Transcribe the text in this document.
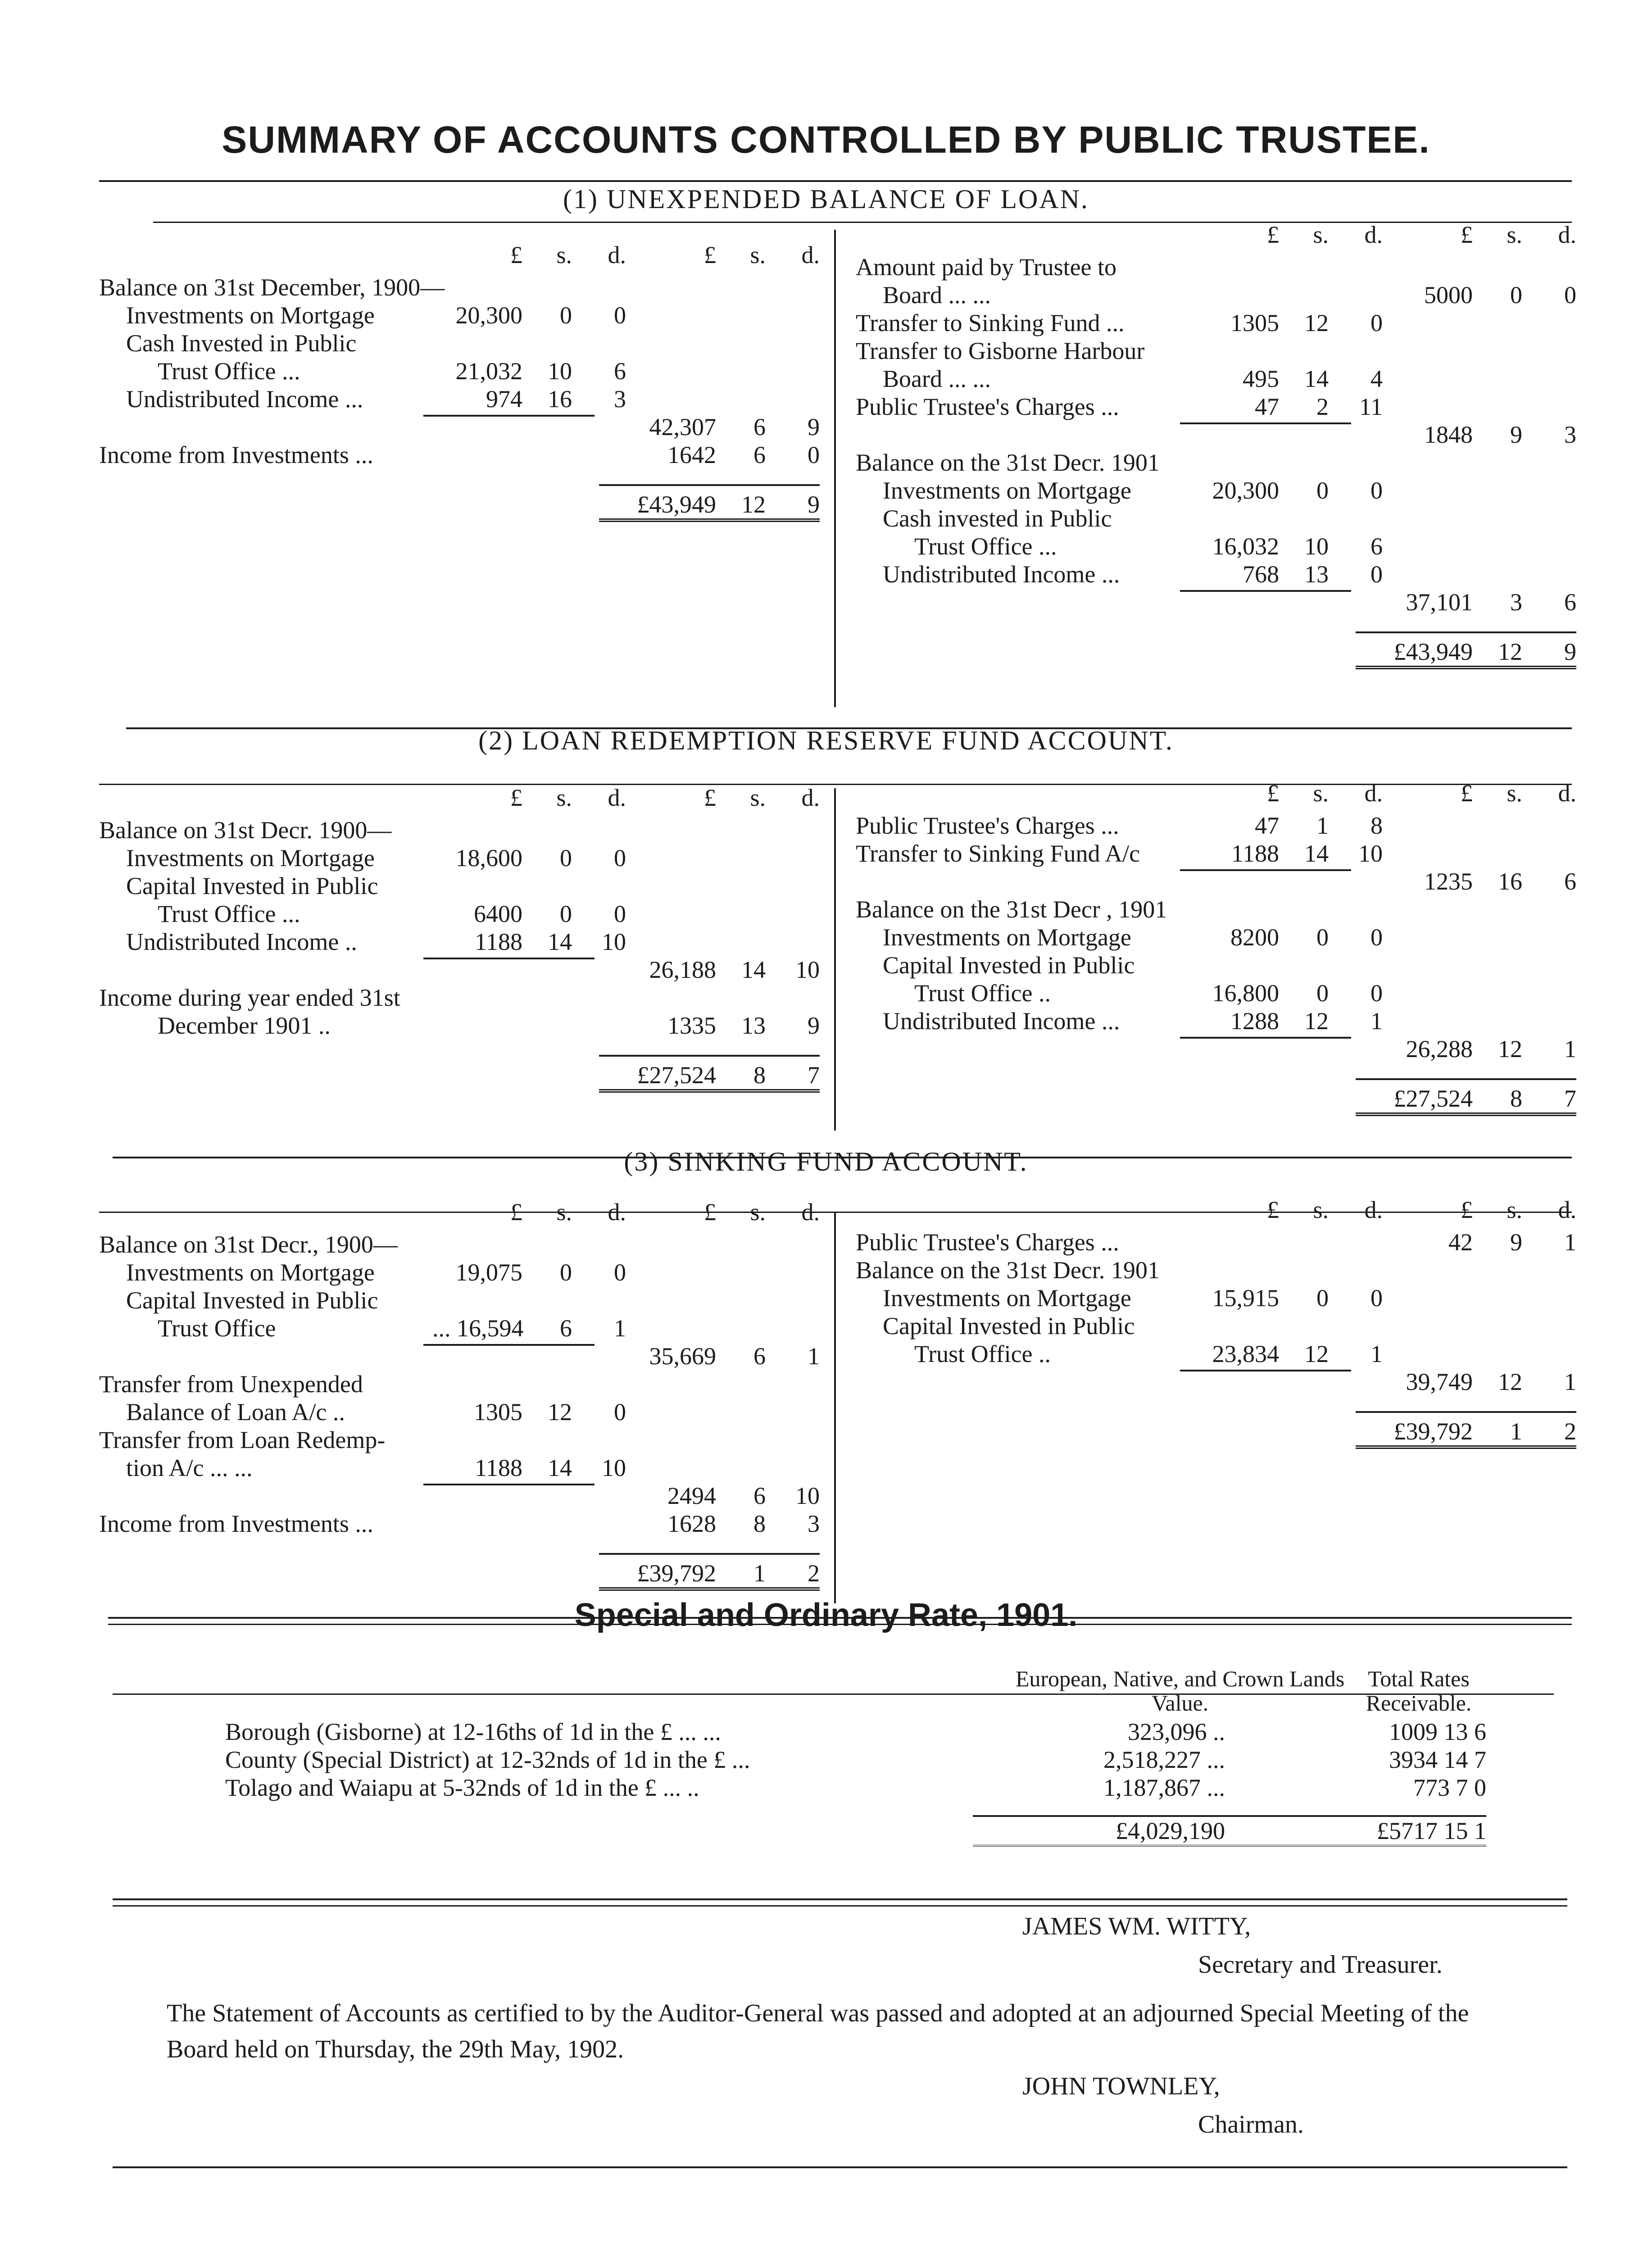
SUMMARY OF ACCOUNTS CONTROLLED BY PUBLIC TRUSTEE.
(1) UNEXPENDED BALANCE OF LOAN.
£	s.	d.	£	s.	d.
Balance on 31st December, 1900—
Investments on Mortgage	20,300	0	0
Cash Invested in Public
Trust Office ...	21,032	10	6
Undistributed Income ...	974	16	3
42,307	6	9
Income from Investments ...	1642	6	0
£43,949	12	9
£	s.	d.	£	s.	d.
Amount paid by Trustee to
Board ... ...	5000	0	0
Transfer to Sinking Fund ...	1305	12	0
Transfer to Gisborne Harbour
Board ... ...	495	14	4
Public Trustee's Charges ...	47	2	11
1848	9	3
Balance on the 31st Decr. 1901
Investments on Mortgage	20,300	0	0
Cash invested in Public
Trust Office ...	16,032	10	6
Undistributed Income ...	768	13	0
37,101	3	6
£43,949	12	9
(2) LOAN REDEMPTION RESERVE FUND ACCOUNT.
£	s.	d.	£	s.	d.
Balance on 31st Decr. 1900—
Investments on Mortgage	18,600	0	0
Capital Invested in Public
Trust Office ...	6400	0	0
Undistributed Income ..	1188	14	10
26,188	14	10
Income during year ended 31st
December 1901 ..	1335	13	9
£27,524	8	7
£	s.	d.	£	s.	d.
Public Trustee's Charges ...	47	1	8
Transfer to Sinking Fund A/c	1188	14	10
1235	16	6
Balance on the 31st Decr , 1901
Investments on Mortgage	8200	0	0
Capital Invested in Public
Trust Office ..	16,800	0	0
Undistributed Income ...	1288	12	1
26,288	12	1
£27,524	8	7
(3) SINKING FUND ACCOUNT.
£	s.	d.	£	s.	d.
Balance on 31st Decr., 1900—
Investments on Mortgage	19,075	0	0
Capital Invested in Public
Trust Office	... 16,594	6	1
35,669	6	1
Transfer from Unexpended
Balance of Loan A/c ..	1305	12	0
Transfer from Loan Redemp-
tion A/c ... ...	1188	14	10
2494	6	10
Income from Investments ...	1628	8	3
£39,792	1	2
£	s.	d.	£	s.	d.
Public Trustee's Charges ...	42	9	1
Balance on the 31st Decr. 1901
Investments on Mortgage	15,915	0	0
Capital Invested in Public
Trust Office ..	23,834	12	1
39,749	12	1
£39,792	1	2
Special and Ordinary Rate, 1901.
European, Native, and Crown Lands Value.
Total Rates Receivable.
Borough (Gisborne) at 12-16ths of 1d in the £ ... ...	323,096 ..	1009 13 6
County (Special District) at 12-32nds of 1d in the £ ...	2,518,227 ...	3934 14 7
Tolago and Waiapu at 5-32nds of 1d in the £ ... ..	1,187,867 ...	773 7 0
£4,029,190	£5717 15 1
JAMES WM. WITTY,
Secretary and Treasurer.
The Statement of Accounts as certified to by the Auditor-General was passed and adopted at an adjourned Special Meeting of the Board held on Thursday, the 29th May, 1902.
JOHN TOWNLEY,
Chairman.
